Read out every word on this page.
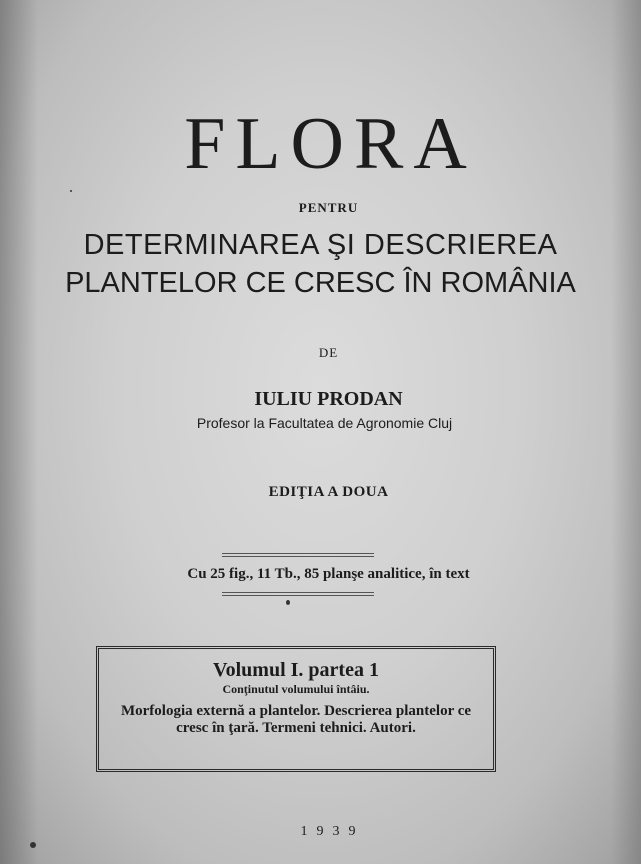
FLORA
PENTRU
DETERMINAREA ŞI DESCRIEREA
PLANTELOR CE CRESC ÎN ROMÂNIA
DE
IULIU PRODAN
Profesor la Facultatea de Agronomie Cluj
EDIŢIA A DOUA
Cu 25 fig., 11 Tb., 85 planşe analitice, în text
Volumul I. partea 1
Conţinutul volumului întâiu.
Morfologia externă a plantelor. Descrierea plantelor ce cresc în ţară. Termeni tehnici. Autori.
1939
